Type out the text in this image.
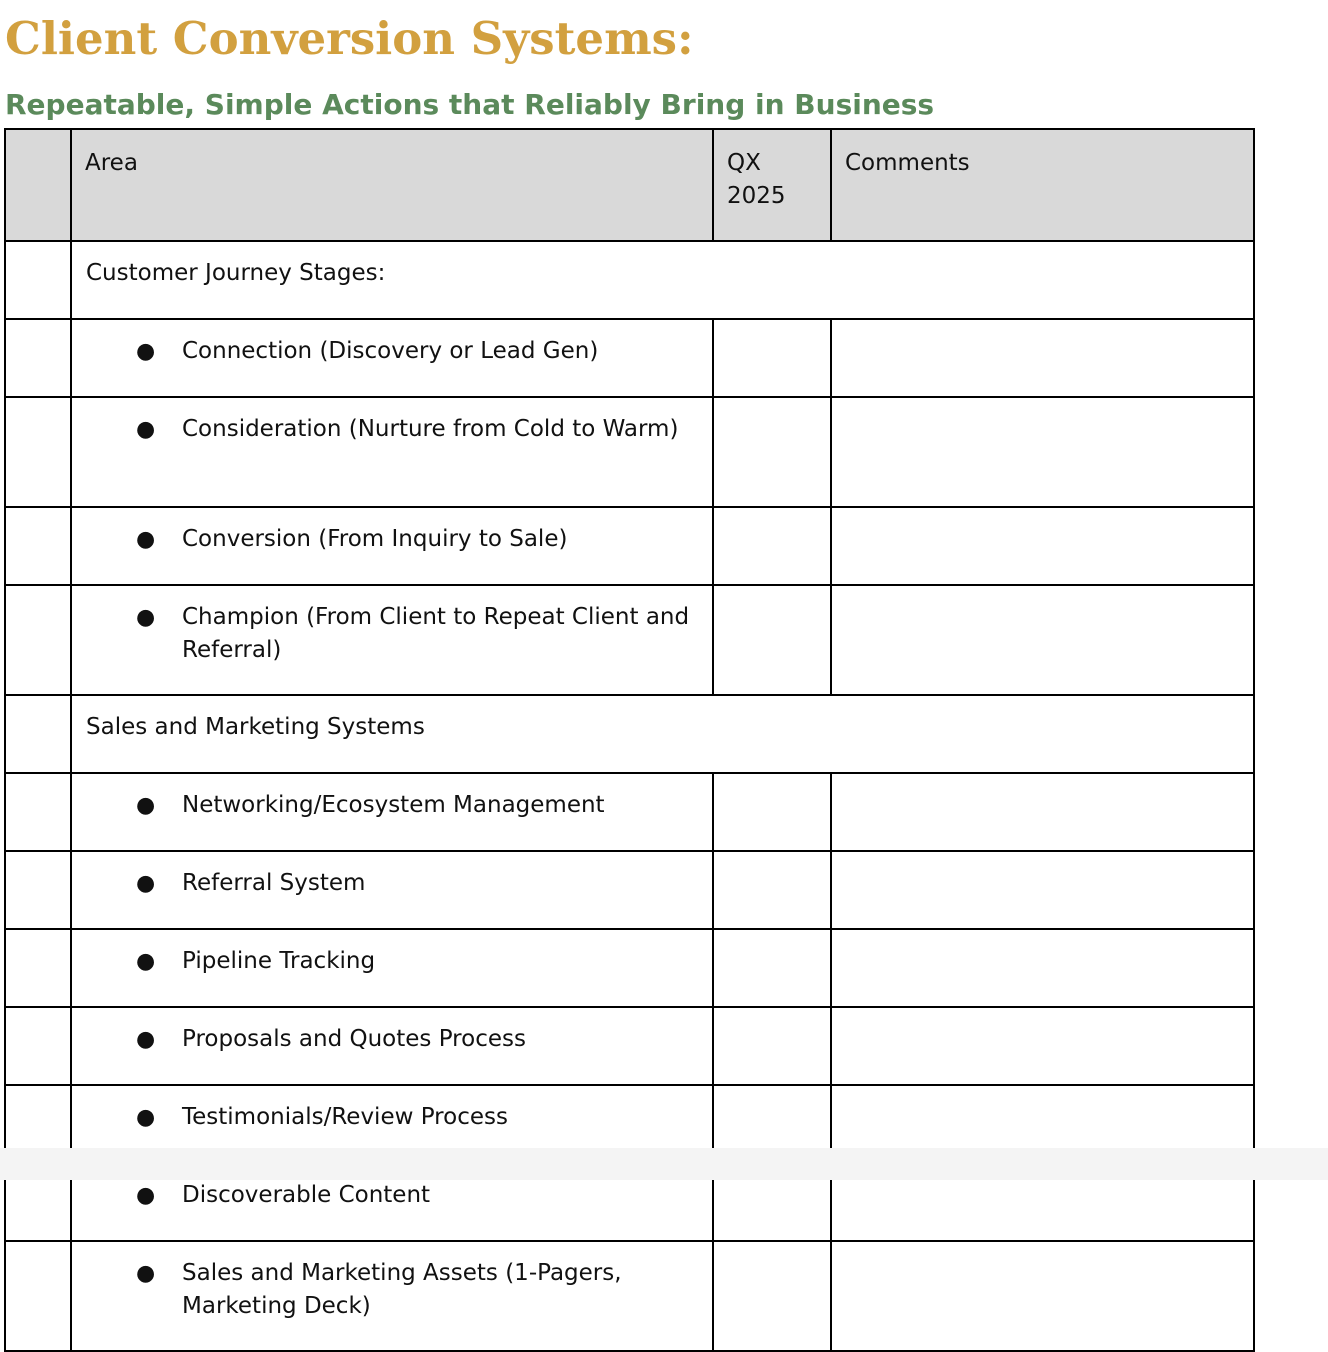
Client Conversion Systems:
Repeatable, Simple Actions that Reliably Bring in Business
	Area	QX 2025	Comments
	Customer Journey Stages:		

	● Connection (Discovery or Lead Gen)		

	● Consideration (Nurture from Cold to Warm)		

	● Conversion (From Inquiry to Sale)		

	● Champion (From Client to Repeat Client and Referral)		
	Sales and Marketing Systems		

	● Networking/Ecosystem Management		

	● Referral System		

	● Pipeline Tracking		

	● Proposals and Quotes Process		

	● Testimonials/Review Process		

	● Discoverable Content		

	● Sales and Marketing Assets (1-Pagers, Marketing Deck)		
